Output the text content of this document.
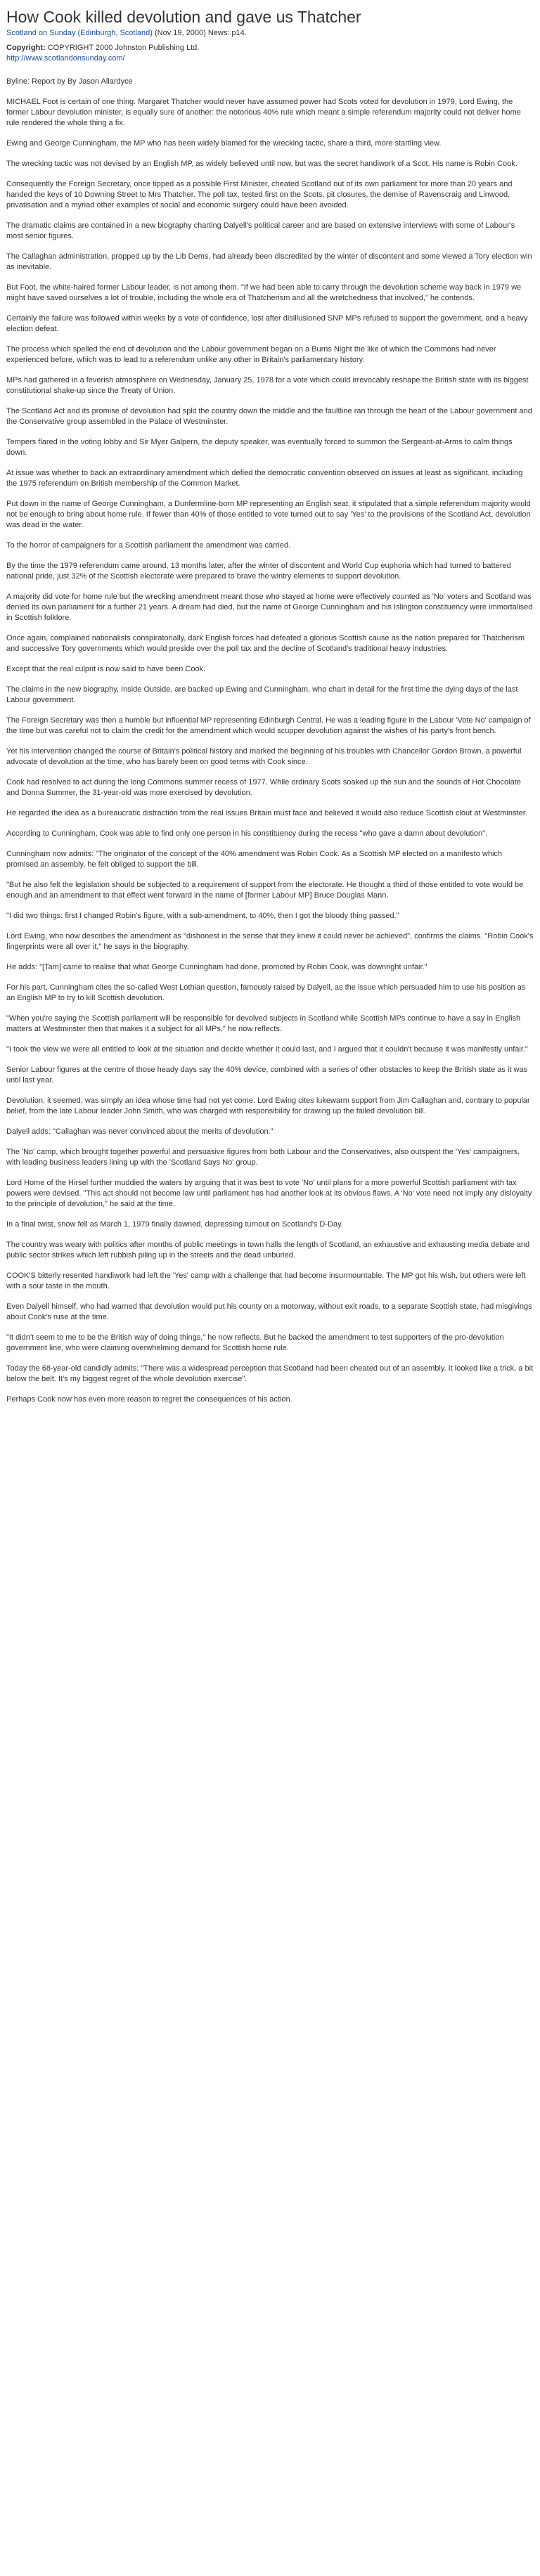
How Cook killed devolution and gave us Thatcher
Scotland on Sunday (Edinburgh, Scotland) (Nov 19, 2000) News: p14.
Copyright: COPYRIGHT 2000 Johnston Publishing Ltd.
http://www.scotlandonsunday.com/
Byline: Report by By Jason Allardyce

MICHAEL Foot is certain of one thing. Margaret Thatcher would never have assumed power had Scots voted for devolution in 1979, Lord Ewing, the former Labour devolution minister, is equally sure of another: the notorious 40% rule which meant a simple referendum majority could not deliver home rule rendered the whole thing a fix.

Ewing and George Cunningham, the MP who has been widely blamed for the wrecking tactic, share a third, more startling view.

The wrecking tactic was not devised by an English MP, as widely believed until now, but was the secret handiwork of a Scot. His name is Robin Cook.

Consequently the Foreign Secretary, once tipped as a possible First Minister, cheated Scotland out of its own parliament for more than 20 years and handed the keys of 10 Downing Street to Mrs Thatcher. The poll tax, tested first on the Scots, pit closures, the demise of Ravenscraig and Linwood, privatisation and a myriad other examples of social and economic surgery could have been avoided.

The dramatic claims are contained in a new biography charting Dalyell's political career and are based on extensive interviews with some of Labour's most senior figures.

The Callaghan administration, propped up by the Lib Dems, had already been discredited by the winter of discontent and some viewed a Tory election win as inevitable.

But Foot, the white-haired former Labour leader, is not among them. "If we had been able to carry through the devolution scheme way back in 1979 we might have saved ourselves a lot of trouble, including the whole era of Thatcherism and all the wretchedness that involved," he contends.

Certainly the failure was followed within weeks by a vote of confidence, lost after disillusioned SNP MPs refused to support the government, and a heavy election defeat.

The process which spelled the end of devolution and the Labour government began on a Burns Night the like of which the Commons had never experienced before, which was to lead to a referendum unlike any other in Britain's parliamentary history.

MPs had gathered in a feverish atmosphere on Wednesday, January 25, 1978 for a vote which could irrevocably reshape the British state with its biggest constitutional shake-up since the Treaty of Union.

The Scotland Act and its promise of devolution had split the country down the middle and the faultline ran through the heart of the Labour government and the Conservative group assembled in the Palace of Westminster.

Tempers flared in the voting lobby and Sir Myer Galpern, the deputy speaker, was eventually forced to summon the Sergeant-at-Arms to calm things down.

At issue was whether to back an extraordinary amendment which defied the democratic convention observed on issues at least as significant, including the 1975 referendum on British membership of the Common Market.

Put down in the name of George Cunningham, a Dunfermline-born MP representing an English seat, it stipulated that a simple referendum majority would not be enough to bring about home rule. If fewer than 40% of those entitled to vote turned out to say 'Yes' to the provisions of the Scotland Act, devolution was dead in the water.

To the horror of campaigners for a Scottish parliament the amendment was carried.

By the time the 1979 referendum came around, 13 months later, after the winter of discontent and World Cup euphoria which had turned to battered national pride, just 32% of the Scottish electorate were prepared to brave the wintry elements to support devolution.

A majority did vote for home rule but the wrecking amendment meant those who stayed at home were effectively counted as 'No' voters and Scotland was denied its own parliament for a further 21 years. A dream had died, but the name of George Cunningham and his Islington constituency were immortalised in Scottish folklore.

Once again, complained nationalists conspiratorially, dark English forces had defeated a glorious Scottish cause as the nation prepared for Thatcherism and successive Tory governments which would preside over the poll tax and the decline of Scotland's traditional heavy industries.

Except that the real culprit is now said to have been Cook.

The claims in the new biography, Inside Outside, are backed up Ewing and Cunningham, who chart in detail for the first time the dying days of the last Labour government.

The Foreign Secretary was then a humble but influential MP representing Edinburgh Central. He was a leading figure in the Labour 'Vote No' campaign of the time but was careful not to claim the credit for the amendment which would scupper devolution against the wishes of his party's front bench.

Yet his intervention changed the course of Britain's political history and marked the beginning of his troubles with Chancellor Gordon Brown, a powerful advocate of devolution at the time, who has barely been on good terms with Cook since.

Cook had resolved to act during the long Commons summer recess of 1977. While ordinary Scots soaked up the sun and the sounds of Hot Chocolate and Donna Summer, the 31-year-old was more exercised by devolution.

He regarded the idea as a bureaucratic distraction from the real issues Britain must face and believed it would also reduce Scottish clout at Westminster.

According to Cunningham, Cook was able to find only one person in his constituency during the recess "who gave a damn about devolution".

Cunningham now admits: "The originator of the concept of the 40% amendment was Robin Cook. As a Scottish MP elected on a manifesto which promised an assembly, he felt obliged to support the bill.

"But he also felt the legislation should be subjected to a requirement of support from the electorate. He thought a third of those entitled to vote would be enough and an amendment to that effect went forward in the name of [former Labour MP] Bruce Douglas Mann.

"I did two things: first I changed Robin's figure, with a sub-amendment, to 40%, then I got the bloody thing passed."

Lord Ewing, who now describes the amendment as "dishonest in the sense that they knew it could never be achieved", confirms the claims. "Robin Cook's fingerprints were all over it," he says in the biography.

He adds: "[Tam] came to realise that what George Cunningham had done, promoted by Robin Cook, was downright unfair."

For his part, Cunningham cites the so-called West Lothian question, famously raised by Dalyell, as the issue which persuaded him to use his position as an English MP to try to kill Scottish devolution.

"When you're saying the Scottish parliament will be responsible for devolved subjects in Scotland while Scottish MPs continue to have a say in English matters at Westminster then that makes it a subject for all MPs," he now reflects.

"I took the view we were all entitled to look at the situation and decide whether it could last, and I argued that it couldn't because it was manifestly unfair."

Senior Labour figures at the centre of those heady days say the 40% device, combined with a series of other obstacles to keep the British state as it was until last year.

Devolution, it seemed, was simply an idea whose time had not yet come. Lord Ewing cites lukewarm support from Jim Callaghan and, contrary to popular belief, from the late Labour leader John Smith, who was charged with responsibility for drawing up the failed devolution bill.

Dalyell adds: "Callaghan was never convinced about the merits of devolution."

The 'No' camp, which brought together powerful and persuasive figures from both Labour and the Conservatives, also outspent the 'Yes' campaigners, with leading business leaders lining up with the 'Scotland Says No' group.

Lord Home of the Hirsel further muddied the waters by arguing that it was best to vote 'No' until plans for a more powerful Scottish parliament with tax powers were devised. "This act should not become law until parliament has had another look at its obvious flaws. A 'No' vote need not imply any disloyalty to the principle of devolution," he said at the time.

In a final twist, snow fell as March 1, 1979 finally dawned, depressing turnout on Scotland's D-Day.

The country was weary with politics after months of public meetings in town halls the length of Scotland, an exhaustive and exhausting media debate and public sector strikes which left rubbish piling up in the streets and the dead unburied.

COOK'S bitterly resented handiwork had left the 'Yes' camp with a challenge that had become insurmountable. The MP got his wish, but others were left with a sour taste in the mouth.

Even Dalyell himself, who had warned that devolution would put his county on a motorway, without exit roads, to a separate Scottish state, had misgivings about Cook's ruse at the time.

"It didn't seem to me to be the British way of doing things," he now reflects. But he backed the amendment to test supporters of the pro-devolution government line, who were claiming overwhelming demand for Scottish home rule.

Today the 68-year-old candidly admits: "There was a widespread perception that Scotland had been cheated out of an assembly. It looked like a trick, a bit below the belt. It's my biggest regret of the whole devolution exercise".

Perhaps Cook now has even more reason to regret the consequences of his action.
